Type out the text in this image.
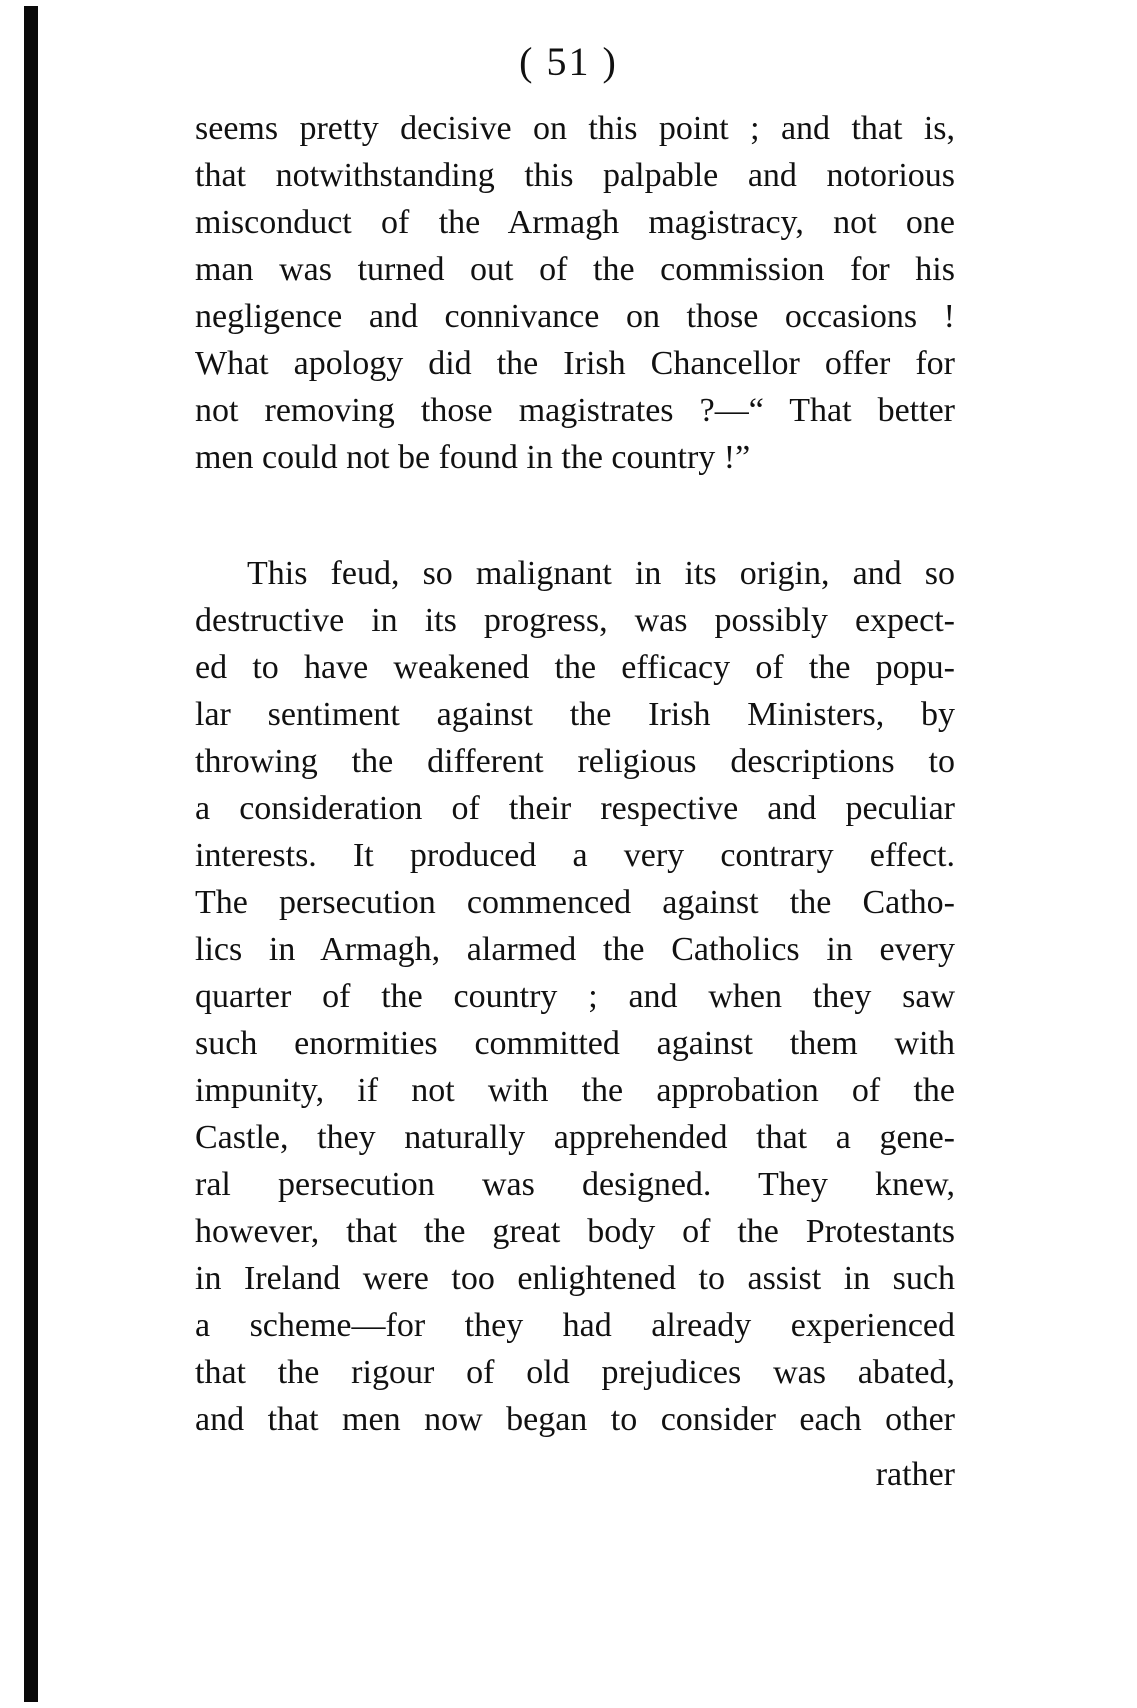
( 51 )
seems pretty decisive on this point ; and that is,
that notwithstanding this palpable and notorious
misconduct of the Armagh magistracy, not one
man was turned out of the commission for his
negligence and connivance on those occasions !
What apology did the Irish Chancellor offer for
not removing those magistrates ?—“ That better
men could not be found in the country !”
This feud, so malignant in its origin, and so
destructive in its progress, was possibly expect-
ed to have weakened the efficacy of the popu-
lar sentiment against the Irish Ministers, by
throwing the different religious descriptions to
a consideration of their respective and peculiar
interests. It produced a very contrary effect.
The persecution commenced against the Catho-
lics in Armagh, alarmed the Catholics in every
quarter of the country ; and when they saw
such enormities committed against them with
impunity, if not with the approbation of the
Castle, they naturally apprehended that a gene-
ral persecution was designed. They knew,
however, that the great body of the Protestants
in Ireland were too enlightened to assist in such
a scheme—for they had already experienced
that the rigour of old prejudices was abated,
and that men now began to consider each other
rather
